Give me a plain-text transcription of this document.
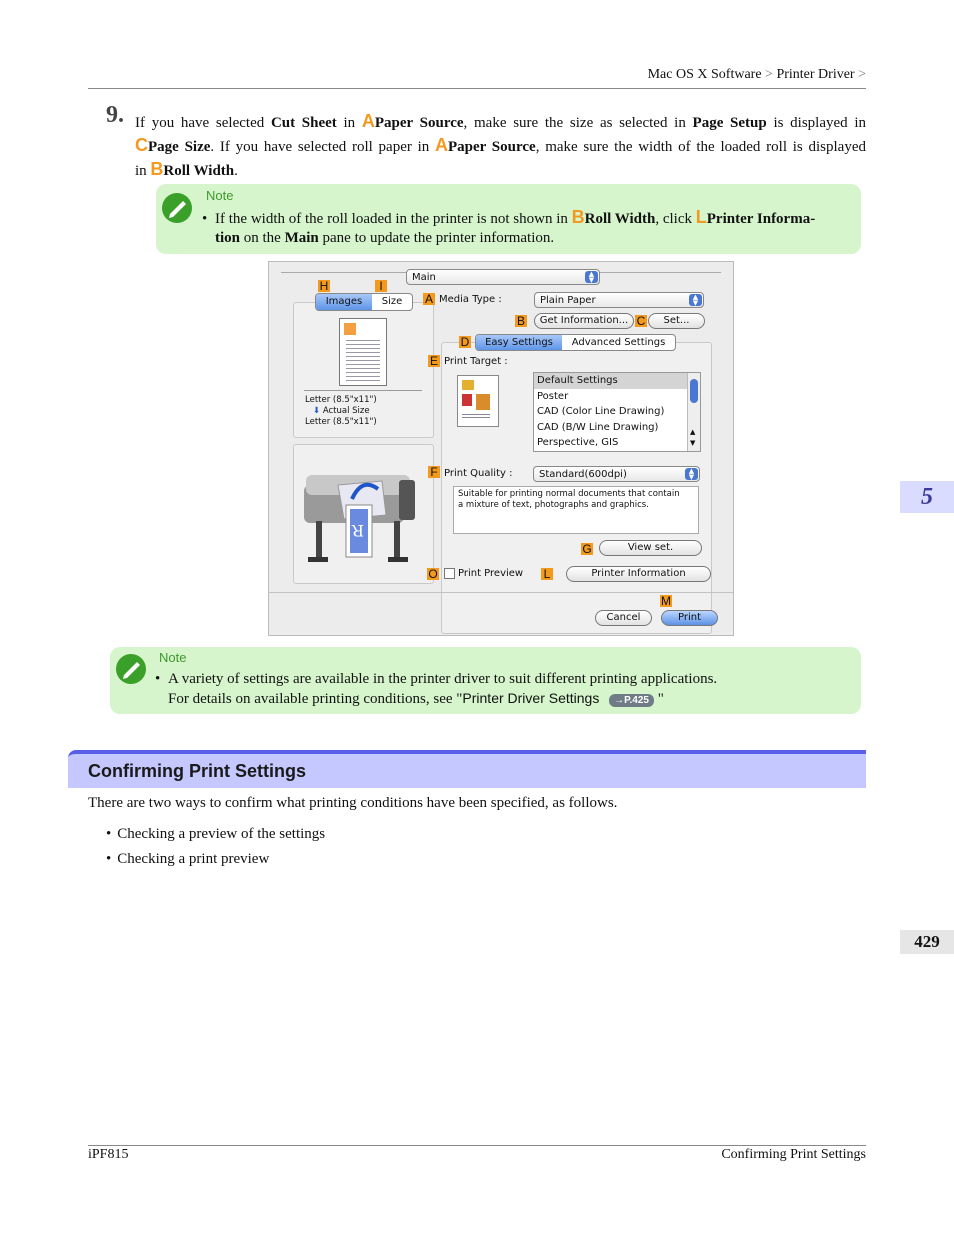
Mac OS X Software > Printer Driver >
9. If you have selected Cut Sheet in APaper Source, make sure the size as selected in Page Setup is displayed in
CPage Size. If you have selected roll paper in APaper Source, make sure the width of the loaded roll is displayed
in BRoll Width.
Note
• If the width of the roll loaded in the printer is not shown in BRoll Width, click LPrinter Informa-
tion on the Main pane to update the printer information.
Main	▲
▼
H	I
Images	Size
Letter (8.5"x11")
⬇ Actual Size
Letter (8.5"x11")
R
A Media Type :	Plain Paper	▲
▼
B	Get Information... C	Set...
D	Easy Settings	Advanced Settings
E Print Target :
Default Settings
Poster
CAD (Color Line Drawing)
CAD (B/W Line Drawing)
Perspective, GIS
▲
▼
F Print Quality :	Standard(600dpi)	▲
▼
Suitable for printing normal documents that contain
a mixture of text, photographs and graphics.
G	View set.
O Print Preview L	Printer Information
M
Cancel	Print
Note
• A variety of settings are available in the printer driver to suit different printing applications.
For details on available printing conditions, see "Printer Driver Settings →P.425 "
Confirming Print Settings
There are two ways to confirm what printing conditions have been specified, as follows.
• Checking a preview of the settings
• Checking a print preview
5
429
iPF815	Confirming Print Settings
